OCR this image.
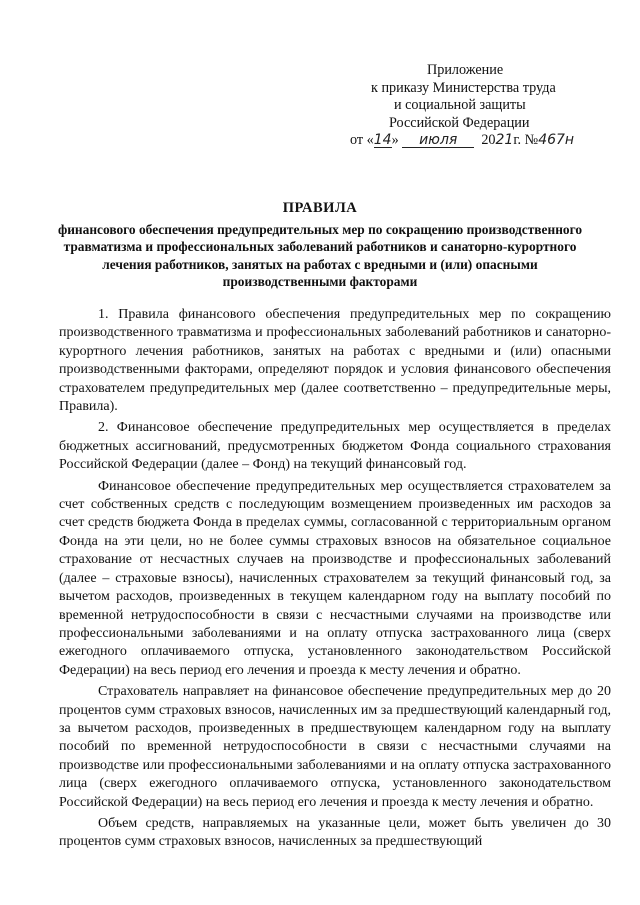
Приложение
к приказу Министерства труда
и социальной защиты
Российской Федерации
от «14» июля 2021г. №467н
ПРАВИЛА
финансового обеспечения предупредительных мер по сокращению производственного травматизма и профессиональных заболеваний работников и санаторно-курортного лечения работников, занятых на работах с вредными и (или) опасными производственными факторами

1. Правила финансового обеспечения предупредительных мер по сокращению производственного травматизма и профессиональных заболеваний работников и санаторно-курортного лечения работников, занятых на работах с вредными и (или) опасными производственными факторами, определяют порядок и условия финансового обеспечения страхователем предупредительных мер (далее соответственно – предупредительные меры, Правила).

2. Финансовое обеспечение предупредительных мер осуществляется в пределах бюджетных ассигнований, предусмотренных бюджетом Фонда социального страхования Российской Федерации (далее – Фонд) на текущий финансовый год.

Финансовое обеспечение предупредительных мер осуществляется страхователем за счет собственных средств с последующим возмещением произведенных им расходов за счет средств бюджета Фонда в пределах суммы, согласованной с территориальным органом Фонда на эти цели, но не более суммы страховых взносов на обязательное социальное страхование от несчастных случаев на производстве и профессиональных заболеваний (далее – страховые взносы), начисленных страхователем за текущий финансовый год, за вычетом расходов, произведенных в текущем календарном году на выплату пособий по временной нетрудоспособности в связи с несчастными случаями на производстве или профессиональными заболеваниями и на оплату отпуска застрахованного лица (сверх ежегодного оплачиваемого отпуска, установленного законодательством Российской Федерации) на весь период его лечения и проезда к месту лечения и обратно.

Страхователь направляет на финансовое обеспечение предупредительных мер до 20 процентов сумм страховых взносов, начисленных им за предшествующий календарный год, за вычетом расходов, произведенных в предшествующем календарном году на выплату пособий по временной нетрудоспособности в связи с несчастными случаями на производстве или профессиональными заболеваниями и на оплату отпуска застрахованного лица (сверх ежегодного оплачиваемого отпуска, установленного законодательством Российской Федерации) на весь период его лечения и проезда к месту лечения и обратно.

Объем средств, направляемых на указанные цели, может быть увеличен до 30 процентов сумм страховых взносов, начисленных за предшествующий
